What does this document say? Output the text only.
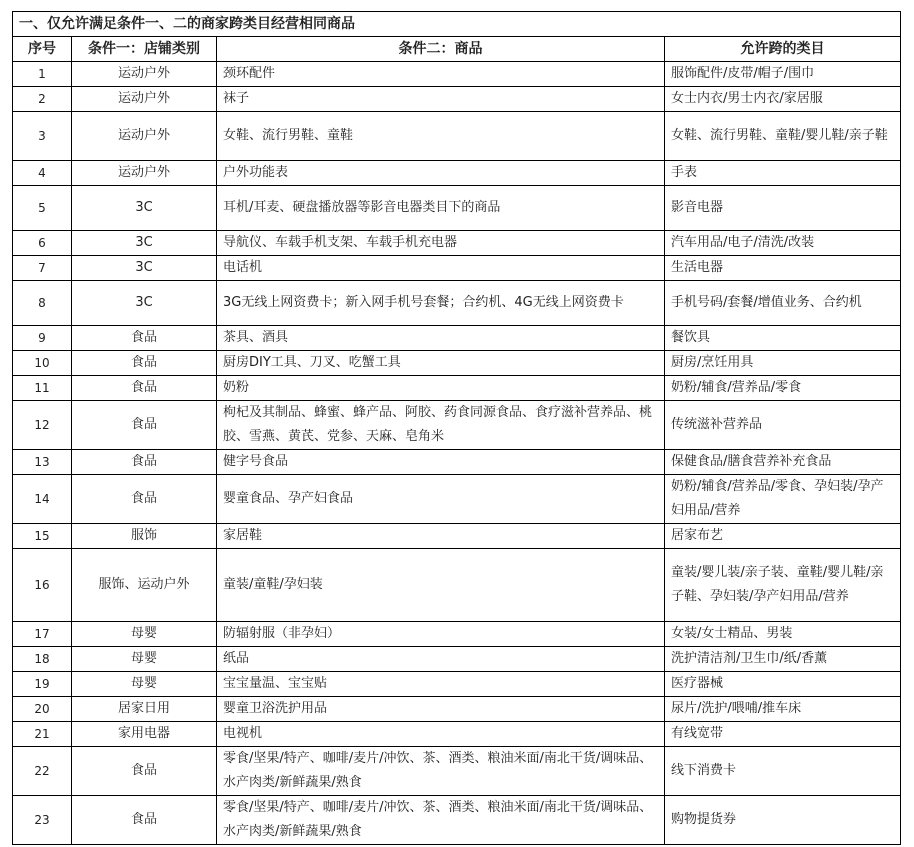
一、仅允许满足条件一、二的商家跨类目经营相同商品			
序号	条件一：店铺类别	条件二：商品	允许跨的类目
1	运动户外	颈环配件	服饰配件/皮带/帽子/围巾
2	运动户外	袜子	女士内衣/男士内衣/家居服
3	运动户外	女鞋、流行男鞋、童鞋	女鞋、流行男鞋、童鞋/婴儿鞋/亲子鞋
4	运动户外	户外功能表	手表
5	3C	耳机/耳麦、硬盘播放器等影音电器类目下的商品	影音电器
6	3C	导航仪、车载手机支架、车载手机充电器	汽车用品/电子/清洗/改装
7	3C	电话机	生活电器
8	3C	3G无线上网资费卡；新入网手机号套餐；合约机、4G无线上网资费卡	手机号码/套餐/增值业务、合约机
9	食品	茶具、酒具	餐饮具
10	食品	厨房DIY工具、刀叉、吃蟹工具	厨房/烹饪用具
11	食品	奶粉	奶粉/辅食/营养品/零食
12	食品	枸杞及其制品、蜂蜜、蜂产品、阿胶、药食同源食品、食疗滋补营养品、桃胶、雪燕、黄芪、党参、天麻、皂角米	传统滋补营养品
13	食品	健字号食品	保健食品/膳食营养补充食品
14	食品	婴童食品、孕产妇食品	奶粉/辅食/营养品/零食、孕妇装/孕产妇用品/营养
15	服饰	家居鞋	居家布艺
16	服饰、运动户外	童装/童鞋/孕妇装	童装/婴儿装/亲子装、童鞋/婴儿鞋/亲子鞋、孕妇装/孕产妇用品/营养
17	母婴	防辐射服（非孕妇）	女装/女士精品、男装
18	母婴	纸品	洗护清洁剂/卫生巾/纸/香薰
19	母婴	宝宝量温、宝宝贴	医疗器械
20	居家日用	婴童卫浴洗护用品	尿片/洗护/喂哺/推车床
21	家用电器	电视机	有线宽带
22	食品	零食/坚果/特产、咖啡/麦片/冲饮、茶、酒类、粮油米面/南北干货/调味品、水产肉类/新鲜蔬果/熟食	线下消费卡
23	食品	零食/坚果/特产、咖啡/麦片/冲饮、茶、酒类、粮油米面/南北干货/调味品、水产肉类/新鲜蔬果/熟食	购物提货券
